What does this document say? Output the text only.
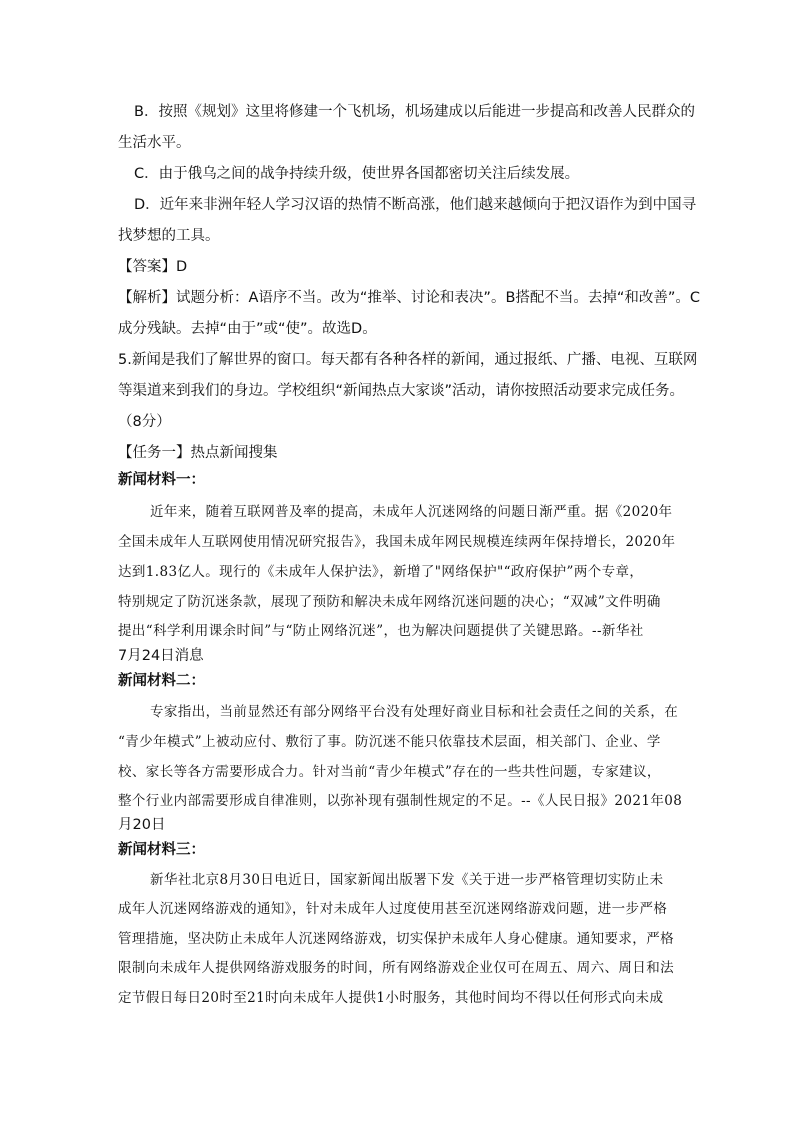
B．按照《规划》这里将修建一个飞机场，机场建成以后能进一步提高和改善人民群众的
生活水平。
C．由于俄乌之间的战争持续升级，使世界各国都密切关注后续发展。
D．近年来非洲年轻人学习汉语的热情不断高涨，他们越来越倾向于把汉语作为到中国寻
找梦想的工具。
【答案】D
【解析】试题分析：A语序不当。改为“推举、讨论和表决”。B搭配不当。去掉“和改善”。C
成分残缺。去掉“由于”或“使”。故选D。
5.新闻是我们了解世界的窗口。每天都有各种各样的新闻，通过报纸、广播、电视、互联网
等渠道来到我们的身边。学校组织“新闻热点大家谈”活动，请你按照活动要求完成任务。
（8分）
【任务一】热点新闻搜集
新闻材料一：
近年来，随着互联网普及率的提高，未成年人沉迷网络的问题日渐严重。据《2020年
全国未成年人互联网使用情况研究报告》，我国未成年网民规模连续两年保持增长，2020年
达到1.83亿人。现行的《未成年人保护法》，新增了"网络保护"“政府保护”两个专章，
特别规定了防沉迷条款，展现了预防和解决未成年网络沉迷问题的决心；“双减”文件明确
提出“科学利用课余时间”与“防止网络沉迷”，也为解决问题提供了关键思路。--新华社
7月24日消息
新闻材料二：
专家指出，当前显然还有部分网络平台没有处理好商业目标和社会责任之间的关系，在
“青少年模式”上被动应付、敷衍了事。防沉迷不能只依靠技术层面，相关部门、企业、学
校、家长等各方需要形成合力。针对当前“青少年模式”存在的一些共性问题，专家建议，
整个行业内部需要形成自律准则，以弥补现有强制性规定的不足。--《人民日报》2021年08
月20日
新闻材料三：
新华社北京8月30日电近日，国家新闻出版署下发《关于进一步严格管理切实防止未
成年人沉迷网络游戏的通知》，针对未成年人过度使用甚至沉迷网络游戏问题，进一步严格
管理措施，坚决防止未成年人沉迷网络游戏，切实保护未成年人身心健康。通知要求，严格
限制向未成年人提供网络游戏服务的时间，所有网络游戏企业仅可在周五、周六、周日和法
定节假日每日20时至21时向未成年人提供1小时服务，其他时间均不得以任何形式向未成
